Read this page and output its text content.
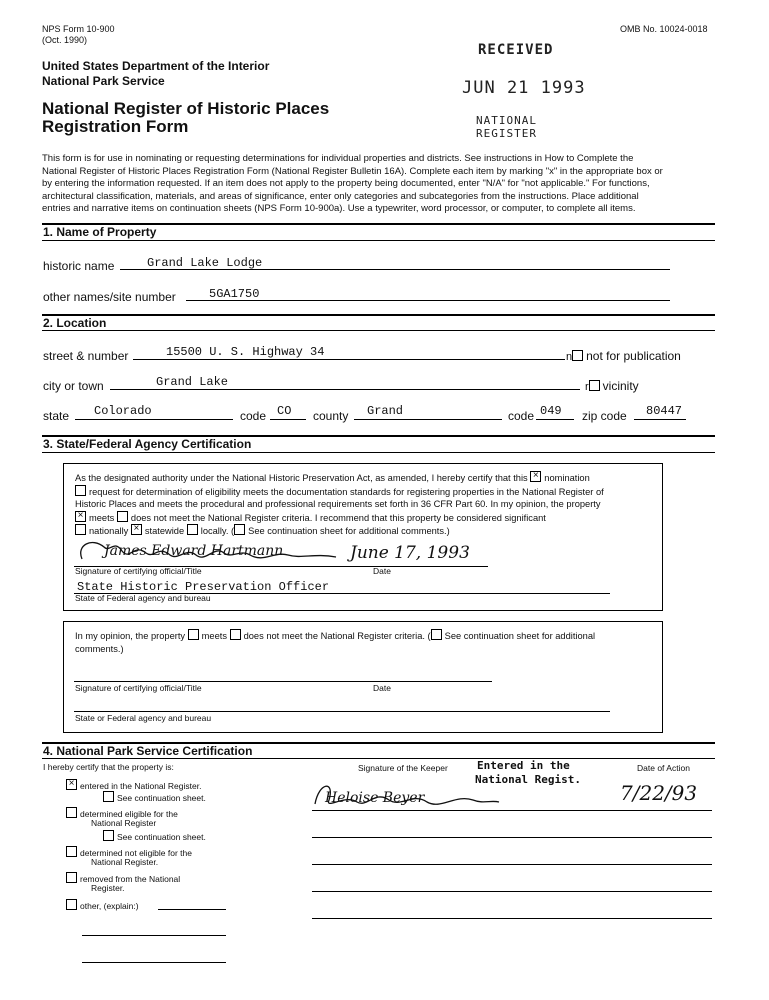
NPS Form 10-900
(Oct. 1990)
OMB No. 10024-0018
United States Department of the Interior
National Park Service
National Register of Historic Places
Registration Form
RECEIVED
JUN 21 1993
NATIONAL
REGISTER
This form is for use in nominating or requesting determinations for individual properties and districts. See instructions in How to Complete the
National Register of Historic Places Registration Form (National Register Bulletin 16A). Complete each item by marking "x" in the appropriate box or
by entering the information requested. If an item does not apply to the property being documented, enter "N/A" for "not applicable." For functions,
architectural classification, materials, and areas of significance, enter only categories and subcategories from the instructions. Place additional
entries and narrative items on continuation sheets (NPS Form 10-900a). Use a typewriter, word processor, or computer, to complete all items.
1. Name of Property
historic name	Grand Lake Lodge
other names/site number	5GA1750
2. Location
street & number	15500 U. S. Highway 34	n not for publication
city or town	Grand Lake	r vicinity
state Colorado	code CO county Grand	code 049 zip code 80447
3. State/Federal Agency Certification
As the designated authority under the National Historic Preservation Act, as amended, I hereby certify that this × nomination
request for determination of eligibility meets the documentation standards for registering properties in the National Register of
Historic Places and meets the procedural and professional requirements set forth in 36 CFR Part 60. In my opinion, the property
×meets does not meet the National Register criteria. I recommend that this property be considered significant
nationally × statewide locally. ( See continuation sheet for additional comments.)
James Edward Hartmann	June 17, 1993
Signature of certifying official/Title	Date
State Historic Preservation Officer
State of Federal agency and bureau
In my opinion, the property meets does not meet the National Register criteria. ( See continuation sheet for additional
comments.)
Signature of certifying official/Title	Date
State or Federal agency and bureau
4. National Park Service Certification
I hereby certify that the property is:	Signature of the Keeper	Date of Action
Entered in the
National Regist.
Heloise Beyer	7/22/93
×entered in the National Register.
See continuation sheet.
determined eligible for the
National Register
See continuation sheet.
determined not eligible for the
National Register.
removed from the National
Register.
other, (explain:)
